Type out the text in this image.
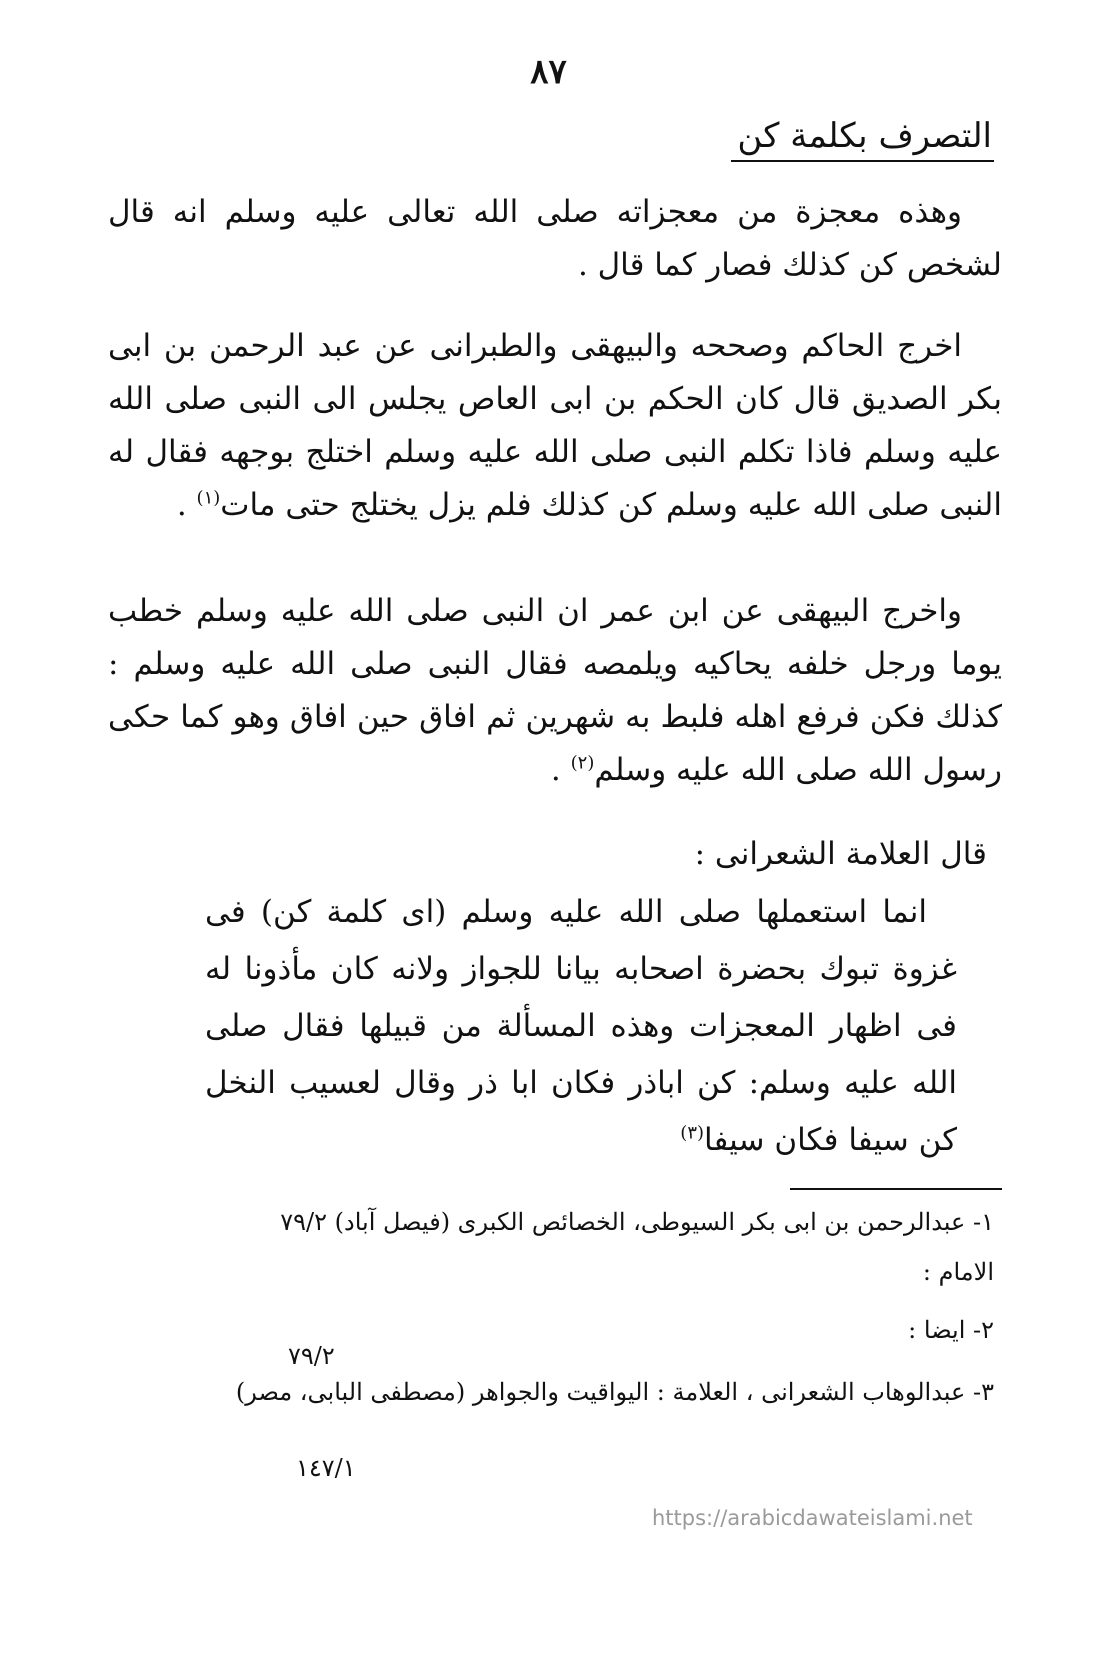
٨٧
التصرف بكلمة كن

وهذه معجزة من معجزاته صلى الله تعالى عليه وسلم انه قال لشخص كن كذلك فصار كما قال .

اخرج الحاكم وصححه والبيهقى والطبرانى عن عبد الرحمن بن ابى بكر الصديق قال كان الحكم بن ابى العاص يجلس الى النبى صلى الله عليه وسلم فاذا تكلم النبى صلى الله عليه وسلم اختلج بوجهه فقال له النبى صلى الله عليه وسلم كن كذلك فلم يزل يختلج حتى مات$^{(١)}$ .

واخرج البيهقى عن ابن عمر ان النبى صلى الله عليه وسلم خطب يوما ورجل خلفه يحاكيه ويلمصه فقال النبى صلى الله عليه وسلم : كذلك فكن فرفع اهله فلبط به شهرين ثم افاق حين افاق وهو كما حكى رسول الله صلى الله عليه وسلم$^{(٢)}$ .

قال العلامة الشعرانى :

انما استعملها صلى الله عليه وسلم (اى كلمة كن) فى غزوة تبوك بحضرة اصحابه بيانا للجواز ولانه كان مأذونا له فى اظهار المعجزات وهذه المسألة من قبيلها فقال صلى الله عليه وسلم: كن اباذر فكان ابا ذر وقال لعسيب النخل كن سيفا فكان سيفا$^{(٣)}$

١- عبدالرحمن بن ابى بكر السيوطى، الخصائص الكبرى (فيصل آباد) ٧٩/٢
الامام :
٢- ايضا :
٧٩/٢
٣- عبدالوهاب الشعرانى ، العلامة : اليواقيت والجواهر (مصطفى البابى، مصر)
١٤٧/١
https://arabicdawateislami.net
